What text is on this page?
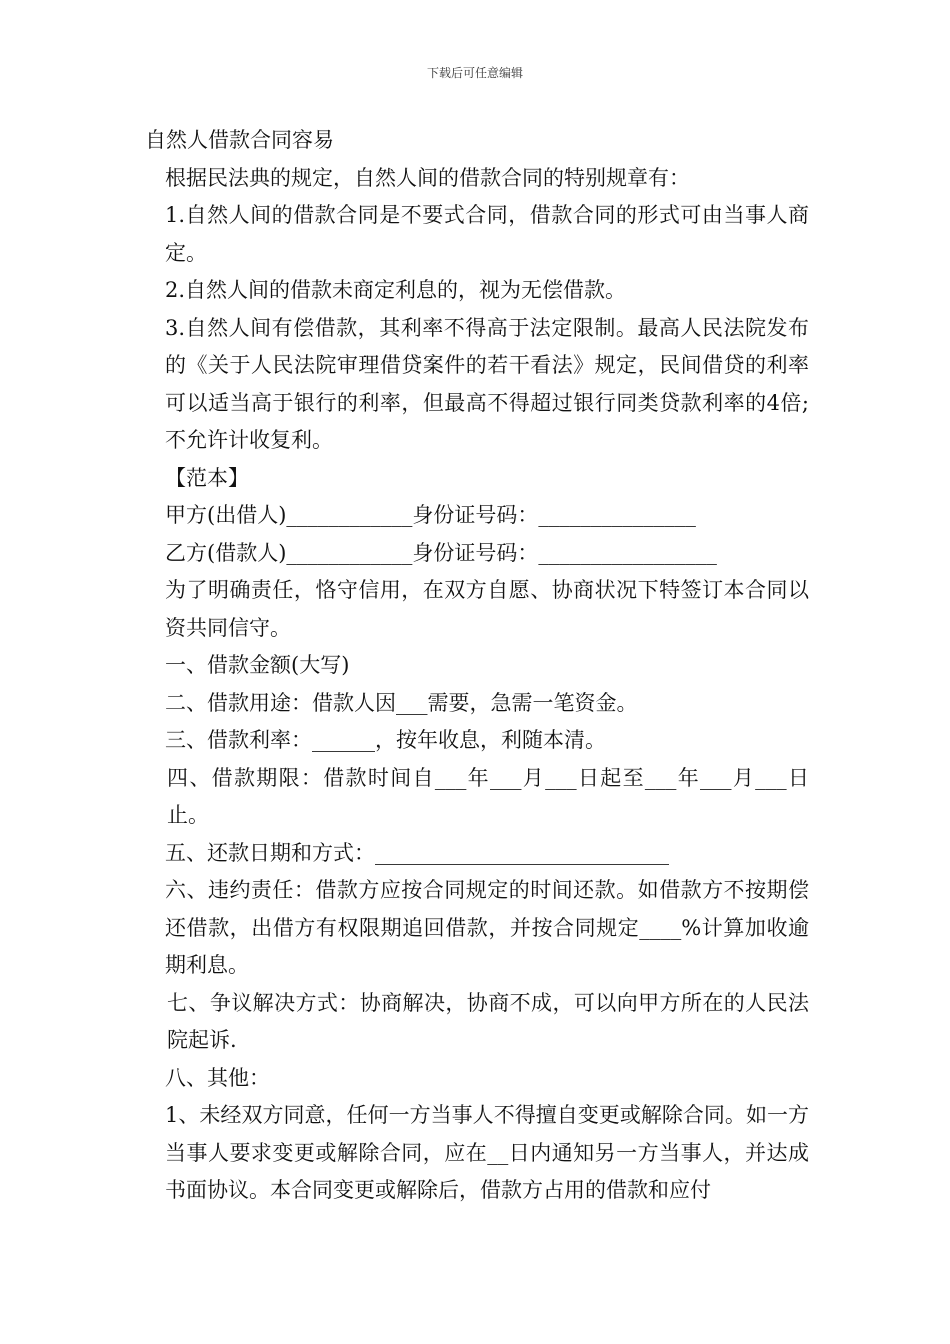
下载后可任意编辑
自然人借款合同容易
根据民法典的规定，自然人间的借款合同的特别规章有：
1.自然人间的借款合同是不要式合同，借款合同的形式可由当事人商定。
2.自然人间的借款未商定利息的，视为无偿借款。
3.自然人间有偿借款，其利率不得高于法定限制。最高人民法院发布的《关于人民法院审理借贷案件的若干看法》规定，民间借贷的利率可以适当高于银行的利率，但最高不得超过银行同类贷款利率的4倍;不允许计收复利。
【范本】
甲方(出借人)____________身份证号码：_______________
乙方(借款人)____________身份证号码：_________________
为了明确责任，恪守信用，在双方自愿、协商状况下特签订本合同以资共同信守。
一、借款金额(大写)
二、借款用途：借款人因___需要，急需一笔资金。
三、借款利率：______，按年收息，利随本清。
四、借款期限：借款时间自___年___月___日起至___年___月___日止。
五、还款日期和方式：____________________________
六、违约责任：借款方应按合同规定的时间还款。如借款方不按期偿还借款，出借方有权限期追回借款，并按合同规定____%计算加收逾期利息。
七、争议解决方式：协商解决，协商不成，可以向甲方所在的人民法院起诉.
八、其他：
1、未经双方同意，任何一方当事人不得擅自变更或解除合同。如一方当事人要求变更或解除合同，应在__日内通知另一方当事人，并达成书面协议。本合同变更或解除后，借款方占用的借款和应付
